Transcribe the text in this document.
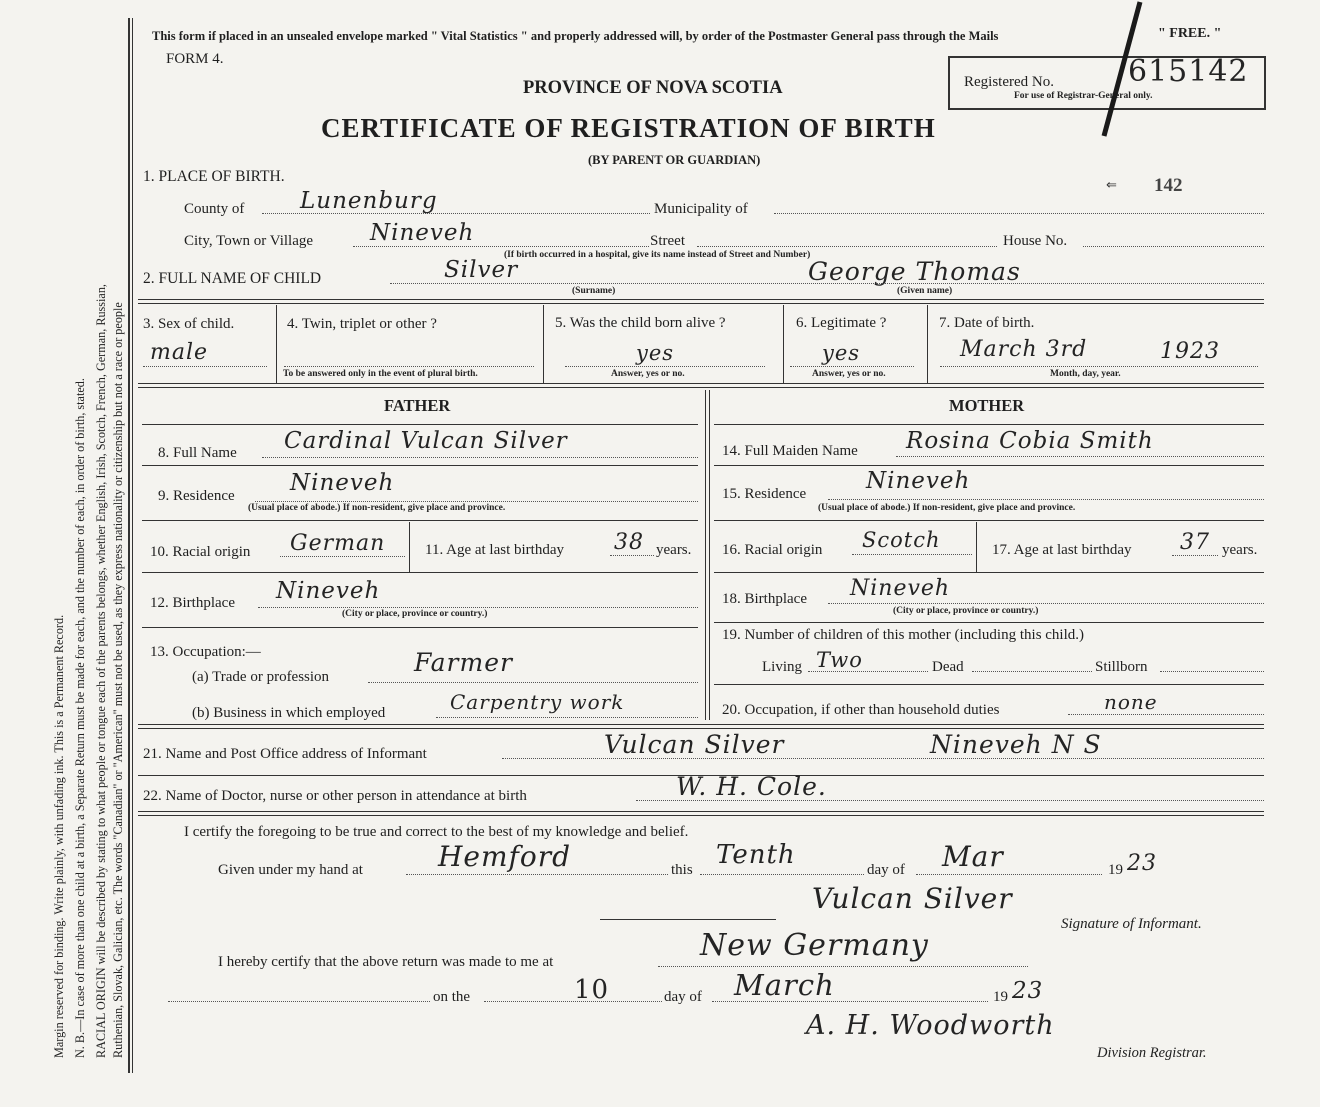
Margin reserved for binding. Write plainly, with unfading ink. This is a Permanent Record. N. B.—In case of more than one child at a birth, a Separate Return must be made for each, and the number of each, in order of birth, stated. RACIAL ORIGIN will be described by stating to what people or tongue each of the parents belongs, whether English, Irish, Scotch, French, German, Russian, Ruthenian, Slovak, Galician, etc. The words "Canadian" or "American" must not be used, as they express nationality or citizenship but not a race or people
This form if placed in an unsealed envelope marked " Vital Statistics " and properly addressed will, by order of the Postmaster General pass through the Mails	" FREE. "
FORM 4.
PROVINCE OF NOVA SCOTIA
CERTIFICATE OF REGISTRATION OF BIRTH
(BY PARENT OR GUARDIAN)
Registered No. 615142
For use of Registrar-General only.
⇐ 142
1. PLACE OF BIRTH.
County of Lunenburg	Municipality of
City, Town or Village Nineveh	Street	House No.
(If birth occurred in a hospital, give its name instead of Street and Number)
2. FULL NAME OF CHILD	Silver	George Thomas
(Surname)	(Given name)
3. Sex of child.
male
4. Twin, triplet or other ?
To be answered only in the event of plural birth.
5. Was the child born alive ?
yes
Answer, yes or no.
6. Legitimate ?
yes
Answer, yes or no.
7. Date of birth.
March 3rd	1923
Month, day, year.
FATHER
8. Full Name Cardinal Vulcan Silver
9. Residence Nineveh
(Usual place of abode.) If non-resident, give place and province.
10. Racial origin German	11. Age at last birthday 38 years.
12. Birthplace Nineveh
(City or place, province or country.)
13. Occupation:—
(a) Trade or profession	Farmer
(b) Business in which employed	Carpentry work
MOTHER
14. Full Maiden Name Rosina Cobia Smith
15. Residence	Nineveh
(Usual place of abode.) If non-resident, give place and province.
16. Racial origin Scotch	17. Age at last birthday 37 years.
18. Birthplace Nineveh
(City or place, province or country.)
19. Number of children of this mother (including this child.)
Living Two	Dead	Stillborn
20. Occupation, if other than household duties	none
21. Name and Post Office address of Informant	Vulcan Silver	Nineveh N S
22. Name of Doctor, nurse or other person in attendance at birth	W. H. Cole.
I certify the foregoing to be true and correct to the best of my knowledge and belief.
Given under my hand at	Hemford	this Tenth	day of Mar	19 23
Vulcan Silver
Signature of Informant.
I hereby certify that the above return was made to me at	New Germany
on the	10	day of March	19 23
A. H. Woodworth
Division Registrar.
